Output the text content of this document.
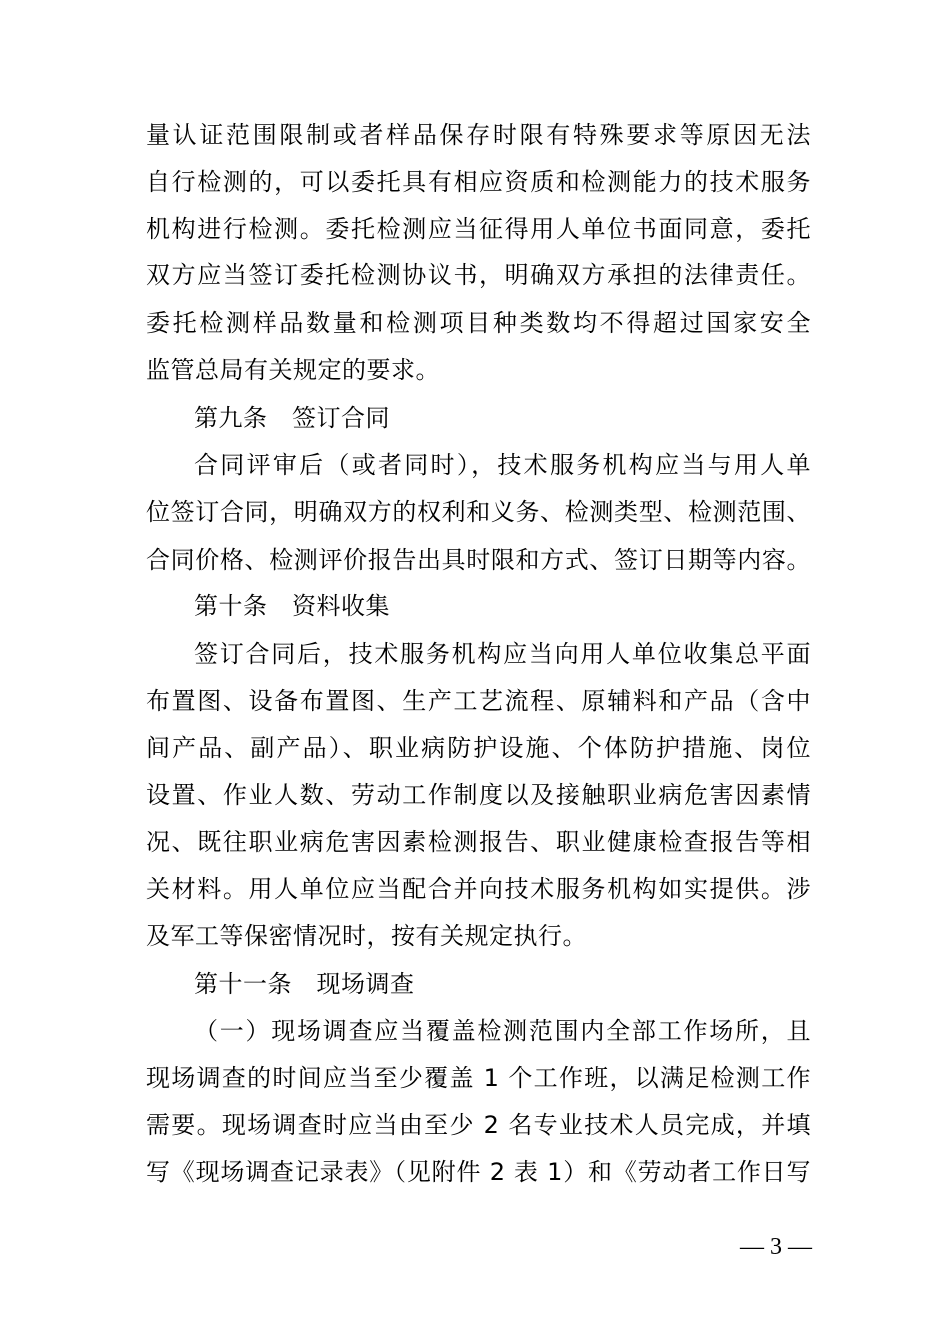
量认证范围限制或者样品保存时限有特殊要求等原因无法
自行检测的，可以委托具有相应资质和检测能力的技术服务
机构进行检测。委托检测应当征得用人单位书面同意，委托
双方应当签订委托检测协议书，明确双方承担的法律责任。
委托检测样品数量和检测项目种类数均不得超过国家安全
监管总局有关规定的要求。
第九条　签订合同
合同评审后（或者同时），技术服务机构应当与用人单
位签订合同，明确双方的权利和义务、检测类型、检测范围、
合同价格、检测评价报告出具时限和方式、签订日期等内容。
第十条　资料收集
签订合同后，技术服务机构应当向用人单位收集总平面
布置图、设备布置图、生产工艺流程、原辅料和产品（含中
间产品、副产品）、职业病防护设施、个体防护措施、岗位
设置、作业人数、劳动工作制度以及接触职业病危害因素情
况、既往职业病危害因素检测报告、职业健康检查报告等相
关材料。用人单位应当配合并向技术服务机构如实提供。涉
及军工等保密情况时，按有关规定执行。
第十一条　现场调查
（一）现场调查应当覆盖检测范围内全部工作场所，且
现场调查的时间应当至少覆盖 1 个工作班，以满足检测工作
需要。现场调查时应当由至少 2 名专业技术人员完成，并填
写《现场调查记录表》（见附件 2 表 1）和《劳动者工作日写
— 3 —
